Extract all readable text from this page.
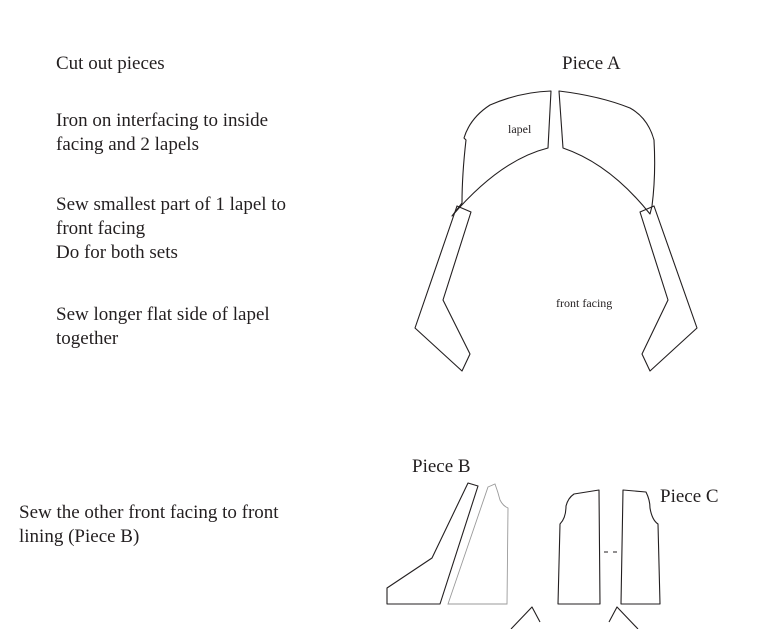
Cut out pieces

Iron on interfacing to inside

facing and 2 lapels

Sew smallest part of 1 lapel to

front facing

Do for both sets

Sew longer flat side of lapel

together

Sew the other front facing to front

lining (Piece B)

Piece A

lapel

front facing

Piece B

Piece C
